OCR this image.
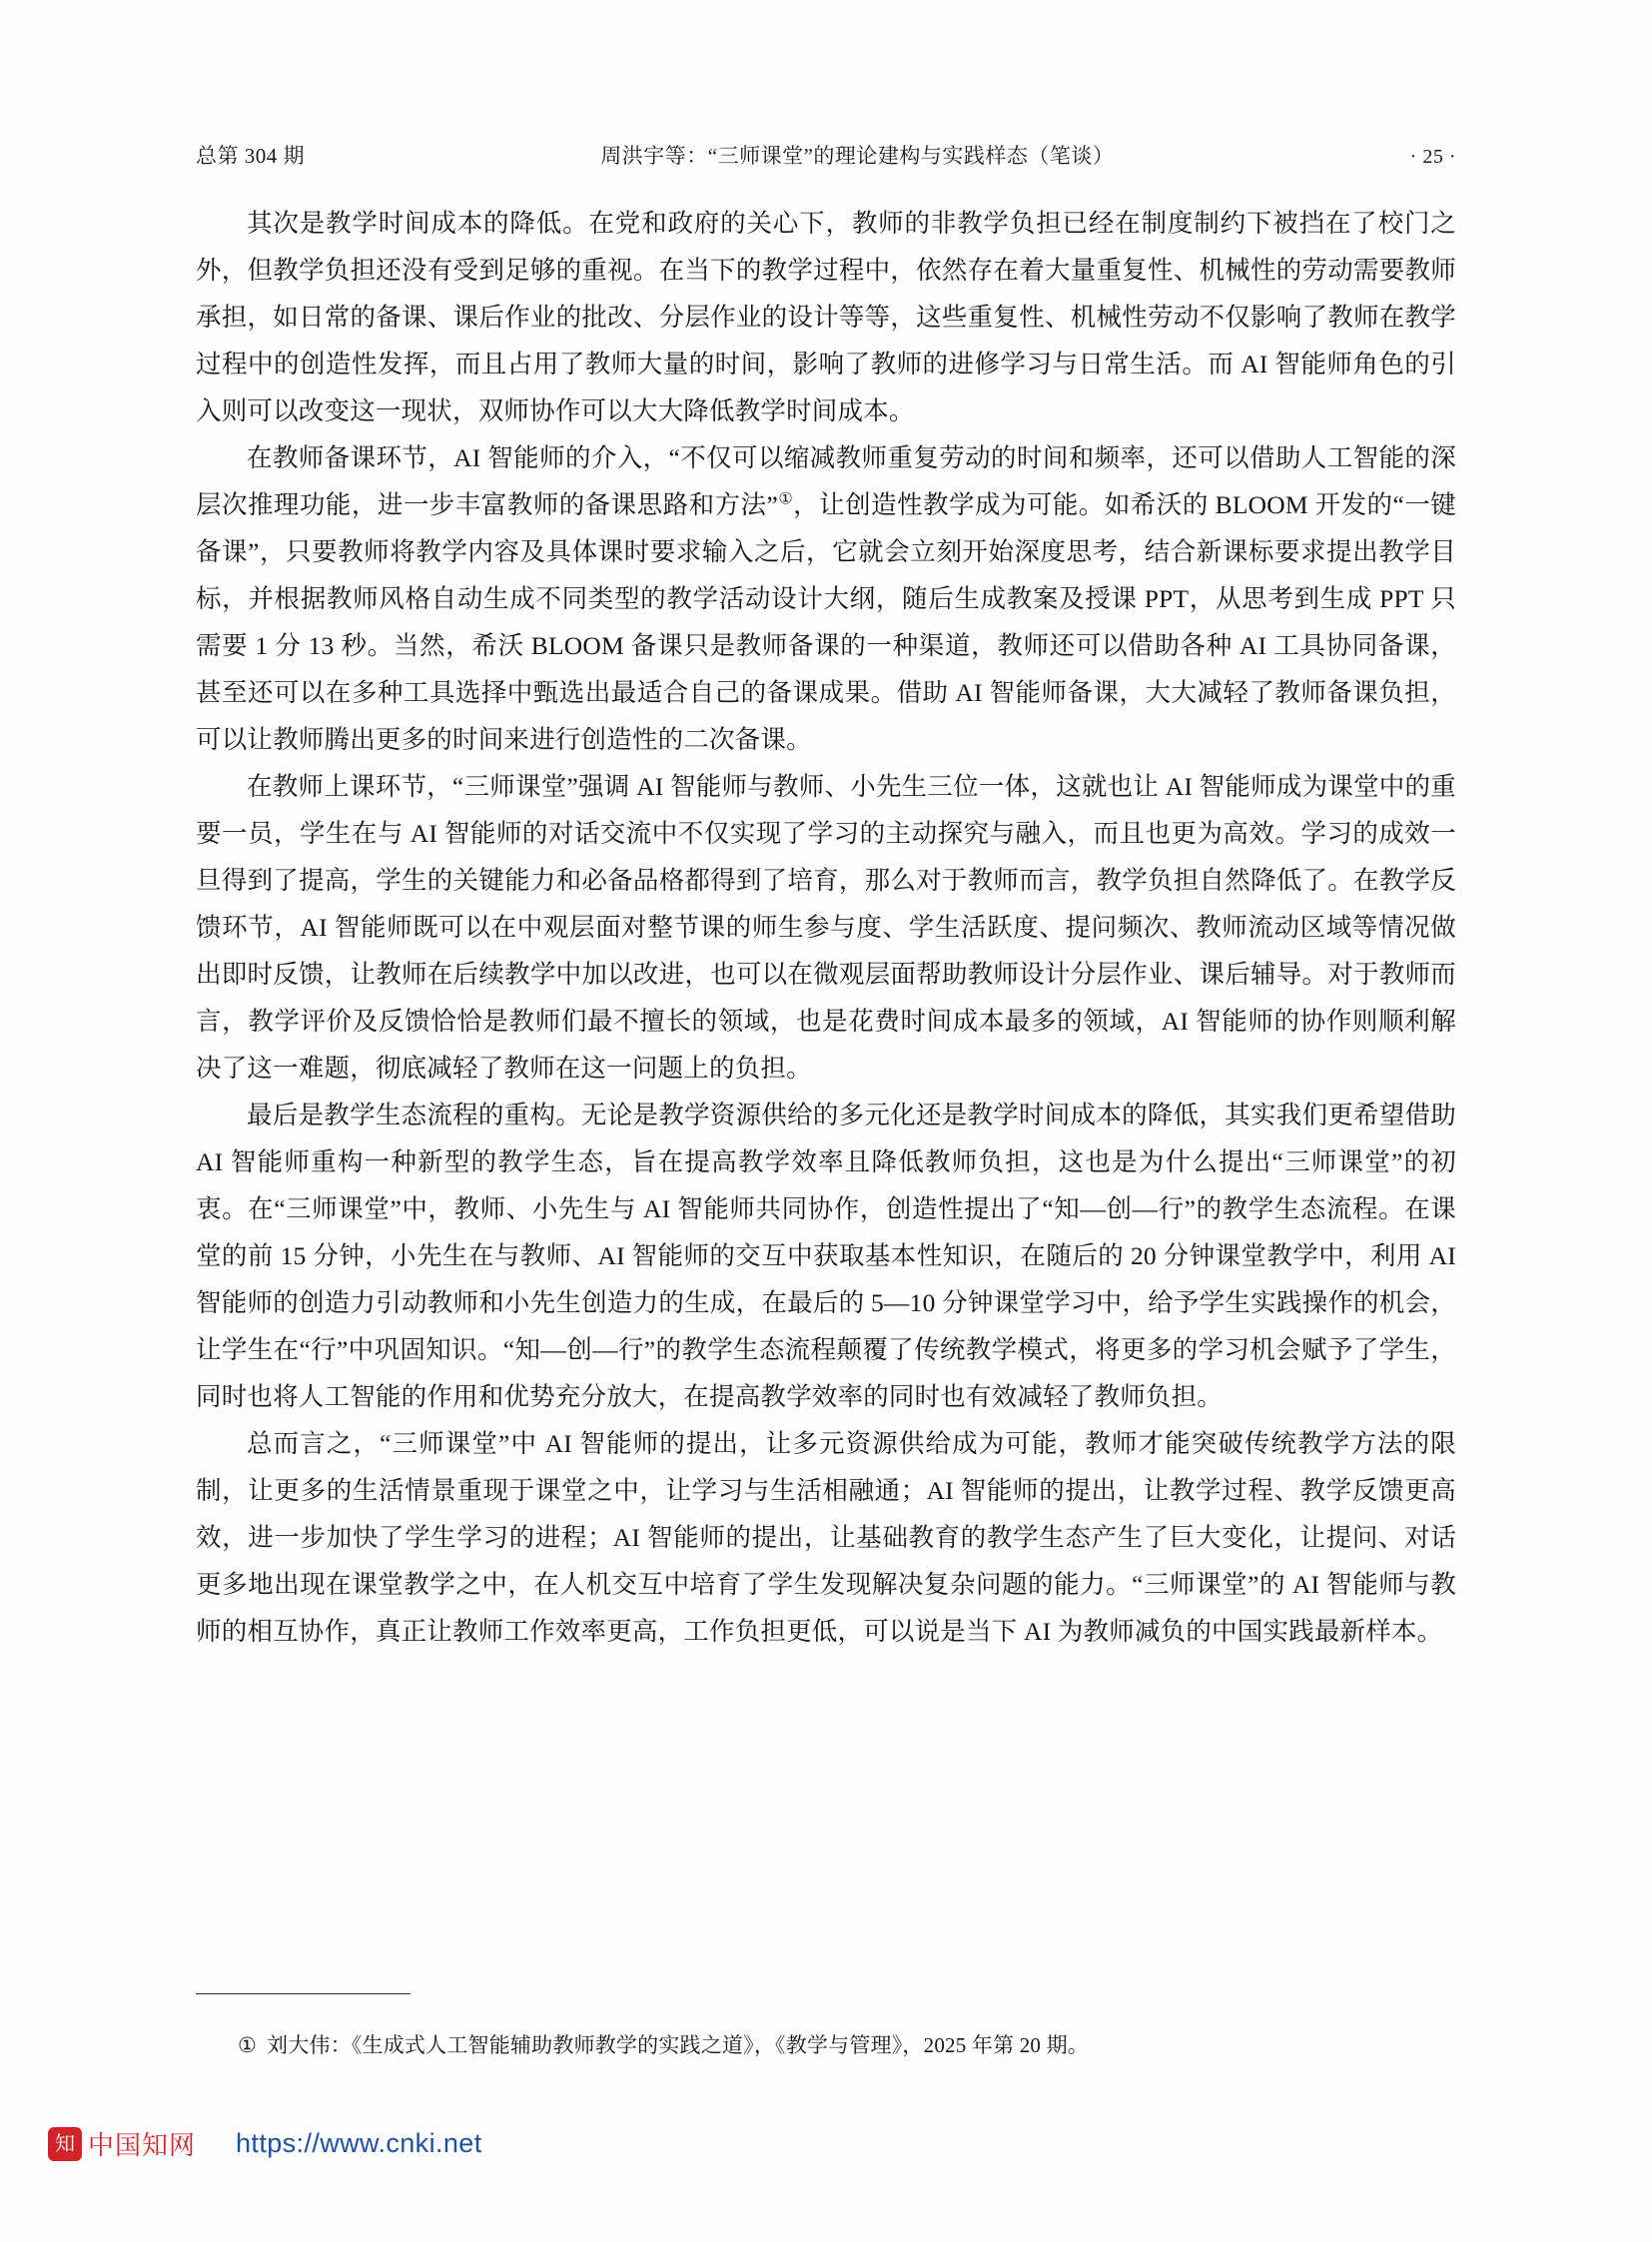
总第 304 期	周洪宇等：“三师课堂”的理论建构与实践样态（笔谈）	· 25 ·

其次是教学时间成本的降低。在党和政府的关心下，教师的非教学负担已经在制度制约下被挡在了校门之外，但教学负担还没有受到足够的重视。在当下的教学过程中，依然存在着大量重复性、机械性的劳动需要教师承担，如日常的备课、课后作业的批改、分层作业的设计等等，这些重复性、机械性劳动不仅影响了教师在教学过程中的创造性发挥，而且占用了教师大量的时间，影响了教师的进修学习与日常生活。而 AI 智能师角色的引入则可以改变这一现状，双师协作可以大大降低教学时间成本。

在教师备课环节，AI 智能师的介入，“不仅可以缩减教师重复劳动的时间和频率，还可以借助人工智能的深层次推理功能，进一步丰富教师的备课思路和方法”①，让创造性教学成为可能。如希沃的 BLOOM 开发的“一键备课”，只要教师将教学内容及具体课时要求输入之后，它就会立刻开始深度思考，结合新课标要求提出教学目标，并根据教师风格自动生成不同类型的教学活动设计大纲，随后生成教案及授课 PPT，从思考到生成 PPT 只需要 1 分 13 秒。当然，希沃 BLOOM 备课只是教师备课的一种渠道，教师还可以借助各种 AI 工具协同备课，甚至还可以在多种工具选择中甄选出最适合自己的备课成果。借助 AI 智能师备课，大大减轻了教师备课负担，可以让教师腾出更多的时间来进行创造性的二次备课。

在教师上课环节，“三师课堂”强调 AI 智能师与教师、小先生三位一体，这就也让 AI 智能师成为课堂中的重要一员，学生在与 AI 智能师的对话交流中不仅实现了学习的主动探究与融入，而且也更为高效。学习的成效一旦得到了提高，学生的关键能力和必备品格都得到了培育，那么对于教师而言，教学负担自然降低了。在教学反馈环节，AI 智能师既可以在中观层面对整节课的师生参与度、学生活跃度、提问频次、教师流动区域等情况做出即时反馈，让教师在后续教学中加以改进，也可以在微观层面帮助教师设计分层作业、课后辅导。对于教师而言，教学评价及反馈恰恰是教师们最不擅长的领域，也是花费时间成本最多的领域，AI 智能师的协作则顺利解决了这一难题，彻底减轻了教师在这一问题上的负担。

最后是教学生态流程的重构。无论是教学资源供给的多元化还是教学时间成本的降低，其实我们更希望借助 AI 智能师重构一种新型的教学生态，旨在提高教学效率且降低教师负担，这也是为什么提出“三师课堂”的初衷。在“三师课堂”中，教师、小先生与 AI 智能师共同协作，创造性提出了“知—创—行”的教学生态流程。在课堂的前 15 分钟，小先生在与教师、AI 智能师的交互中获取基本性知识，在随后的 20 分钟课堂教学中，利用 AI 智能师的创造力引动教师和小先生创造力的生成，在最后的 5—10 分钟课堂学习中，给予学生实践操作的机会，让学生在“行”中巩固知识。“知—创—行”的教学生态流程颠覆了传统教学模式，将更多的学习机会赋予了学生，同时也将人工智能的作用和优势充分放大，在提高教学效率的同时也有效减轻了教师负担。

总而言之，“三师课堂”中 AI 智能师的提出，让多元资源供给成为可能，教师才能突破传统教学方法的限制，让更多的生活情景重现于课堂之中，让学习与生活相融通；AI 智能师的提出，让教学过程、教学反馈更高效，进一步加快了学生学习的进程；AI 智能师的提出，让基础教育的教学生态产生了巨大变化，让提问、对话更多地出现在课堂教学之中，在人机交互中培育了学生发现解决复杂问题的能力。“三师课堂”的 AI 智能师与教师的相互协作，真正让教师工作效率更高，工作负担更低，可以说是当下 AI 为教师减负的中国实践最新样本。

① 刘大伟：《生成式人工智能辅助教师教学的实践之道》，《教学与管理》，2025 年第 20 期。
知 中国知网 https://www.cnki.net
